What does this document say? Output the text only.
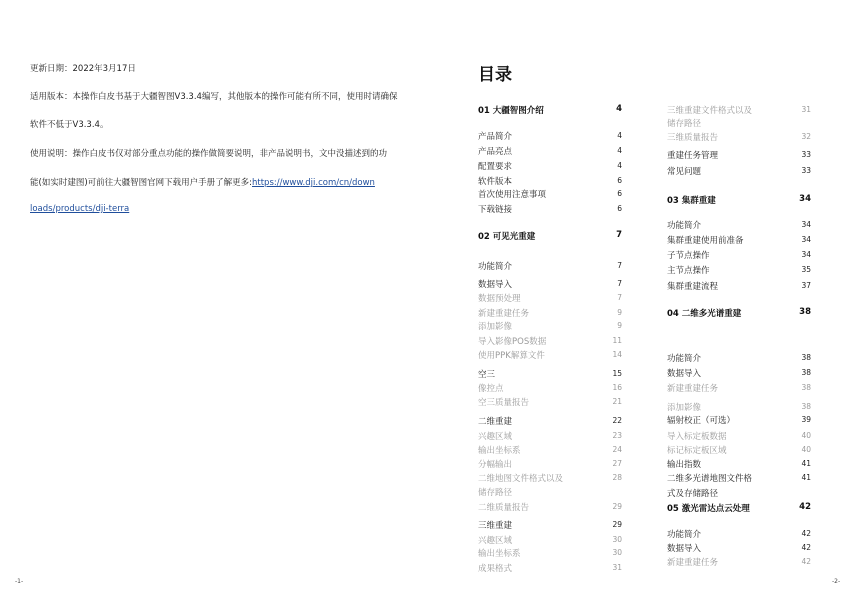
更新日期：2022年3月17日
适用版本：本操作白皮书基于大疆智图V3.3.4编写，其他版本的操作可能有所不同，使用时请确保
软件不低于V3.3.4。
使用说明：操作白皮书仅对部分重点功能的操作做简要说明，非产品说明书，文中没描述到的功
能(如实时建图)可前往大疆智图官网下载用户手册了解更多:https://www.dji.com/cn/down
loads/products/dji-terra
-1-
目录
01 大疆智图介绍	4
产品简介	4
产品亮点	4
配置要求	4
软件版本	6
首次使用注意事项	6
下载链接	6
02 可见光重建	7
功能简介	7
数据导入	7
数据预处理	7
新建重建任务	9
添加影像	9
导入影像POS数据	11
使用PPK解算文件	14
空三	15
像控点	16
空三质量报告	21
二维重建	22
兴趣区域	23
输出坐标系	24
分幅输出	27
二维地图文件格式以及	28
储存路径
二维质量报告	29
三维重建	29
兴趣区域	30
输出坐标系	30
成果格式	31
三维重建文件格式以及	31
储存路径
三维质量报告	32
重建任务管理	33
常见问题	33
03 集群重建	34
功能简介	34
集群重建使用前准备	34
子节点操作	34
主节点操作	35
集群重建流程	37
04 二维多光谱重建	38
功能简介	38
数据导入	38
新建重建任务	38
添加影像	38
辐射校正（可选）	39
导入标定板数据	40
标记标定板区域	40
输出指数	41
二维多光谱地图文件格	41
式及存储路径
05 激光雷达点云处理	42
功能简介	42
数据导入	42
新建重建任务	42
-2-
